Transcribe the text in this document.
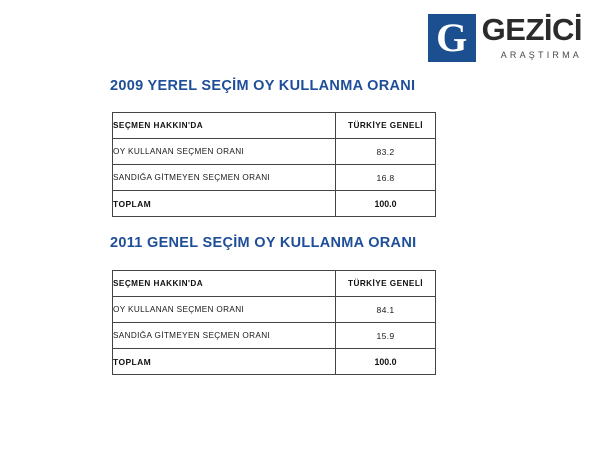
G GEZİCİ
ARAŞTIRMA
2009 YEREL SEÇİM OY KULLANMA ORANI
SEÇMEN HAKKIN'DA	TÜRKİYE GENELİ
OY KULLANAN SEÇMEN ORANI	83.2
SANDIĞA GİTMEYEN SEÇMEN ORANI	16.8
TOPLAM	100.0
2011 GENEL SEÇİM OY KULLANMA ORANI
SEÇMEN HAKKIN'DA	TÜRKİYE GENELİ
OY KULLANAN SEÇMEN ORANI	84.1
SANDIĞA GİTMEYEN SEÇMEN ORANI	15.9
TOPLAM	100.0
